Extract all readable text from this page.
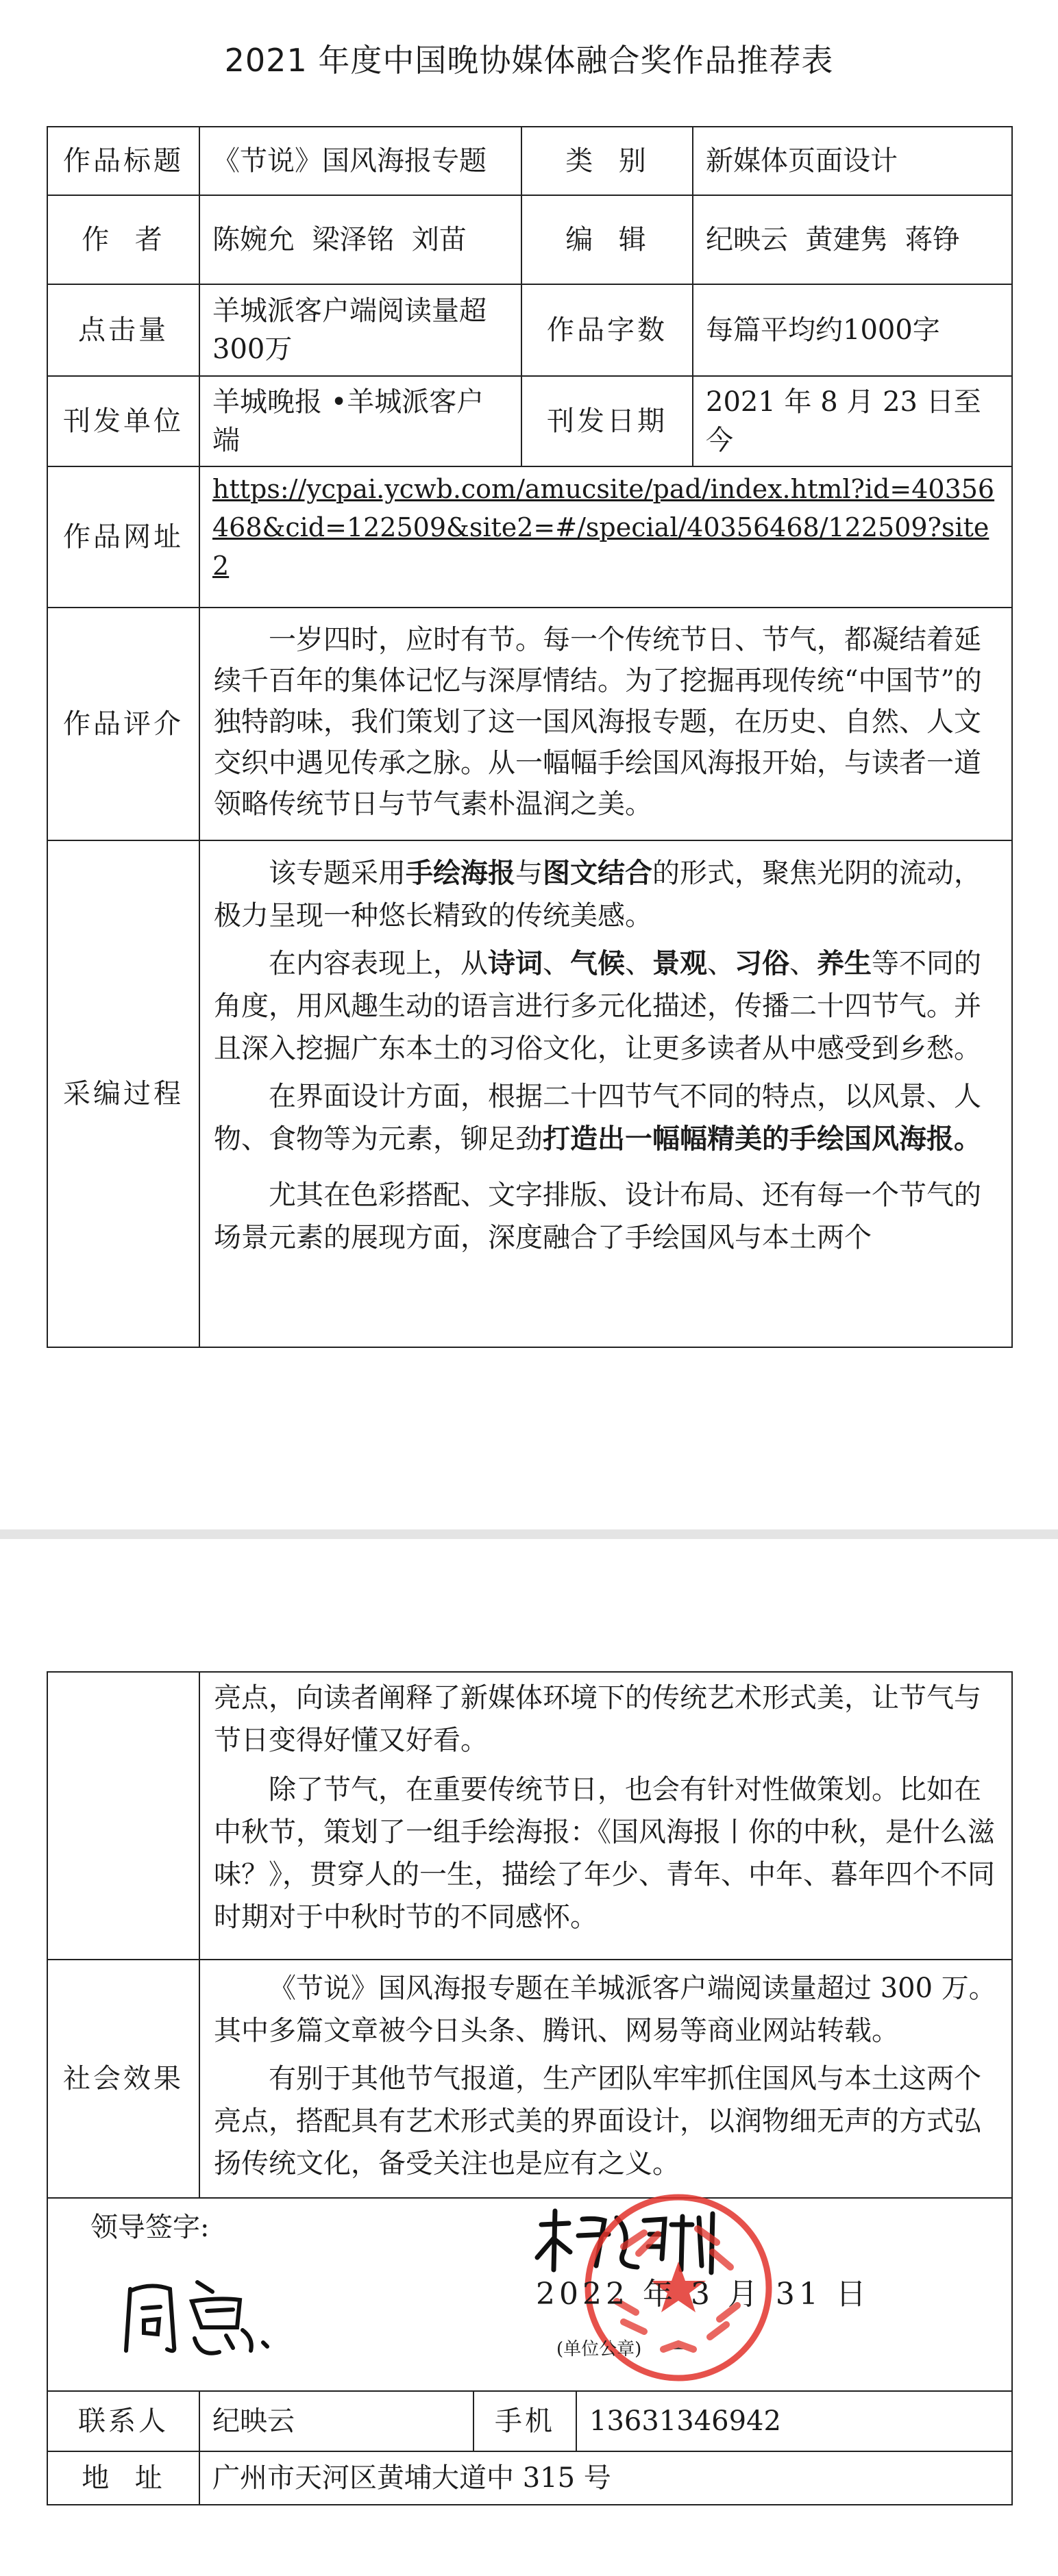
2021 年度中国晚协媒体融合奖作品推荐表
作品标题	《节说》国风海报专题	类  别	新媒体页面设计
作  者	陈婉允  梁泽铭  刘苗	编  辑	纪映云  黄建隽  蒋铮
点击量	羊城派客户端阅读量超300万	作品字数	每篇平均约1000字
刊发单位	羊城晚报 •羊城派客户端	刊发日期	2021 年 8 月 23 日至今
作品网址	https://ycpai.ycwb.com/amucsite/pad/index.html?id=40356468&cid=122509&site2=#/special/40356468/122509?site2		
作品评介	一岁四时，应时有节。每一个传统节日、节气，都凝结着延续千百年的集体记忆与深厚情结。为了挖掘再现传统“中国节”的独特韵味，我们策划了这一国风海报专题，在历史、自然、人文交织中遇见传承之脉。从一幅幅手绘国风海报开始，与读者一道领略传统节日与节气素朴温润之美。		

采编过程	该专题采用手绘海报与图文结合的形式，聚焦光阴的流动，极力呈现一种悠长精致的传统美感。

在内容表现上，从诗词、气候、景观、习俗、养生等不同的角度，用风趣生动的语言进行多元化描述，传播二十四节气。并且深入挖掘广东本土的习俗文化，让更多读者从中感受到乡愁。

在界面设计方面，根据二十四节气不同的特点，以风景、人物、食物等为元素，铆足劲打造出一幅幅精美的手绘国风海报。

尤其在色彩搭配、文字排版、设计布局、还有每一个节气的场景元素的展现方面，深度融合了手绘国风与本土两个		

	亮点，向读者阐释了新媒体环境下的传统艺术形式美，让节气与节日变得好懂又好看。

除了节气，在重要传统节日，也会有针对性做策划。比如在中秋节，策划了一组手绘海报：《国风海报丨你的中秋，是什么滋味？》，贯穿人的一生，描绘了年少、青年、中年、暮年四个不同时期对于中秋时节的不同感怀。		

社会效果	《节说》国风海报专题在羊城派客户端阅读量超过 300 万。其中多篇文章被今日头条、腾讯、网易等商业网站转载。

有别于其他节气报道，生产团队牢牢抓住国风与本土这两个亮点，搭配具有艺术形式美的界面设计，以润物细无声的方式弘扬传统文化，备受关注也是应有之义。		

领导签字:
2022 年 3 月 31 日
(单位公章)			

联系人	纪映云	手机	13631346942
地  址	广州市天河区黄埔大道中 315 号		
